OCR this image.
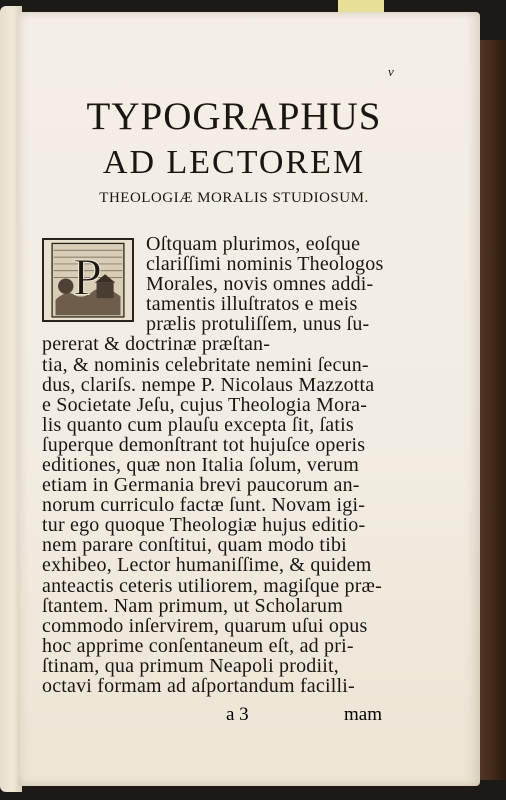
v
TYPOGRAPHUS
AD LECTOREM
THEOLOGIÆ MORALIS STUDIOSUM.
P
Oſtquam plurimos, eoſque
clariſſimi nominis Theologos
Morales, novis omnes addi-
tamentis illuſtratos e meis
prælis protuliſſem, unus ſu-
pererat & doctrinæ præſtan-
tia, & nominis celebritate nemini ſecun-
dus, clariſs. nempe P. Nicolaus Mazzotta
e Societate Jeſu, cujus Theologia Mora-
lis quanto cum plauſu excepta ſit, ſatis
ſuperque demonſtrant tot hujuſce operis
editiones, quæ non Italia ſolum, verum
etiam in Germania brevi paucorum an-
norum curriculo factæ ſunt. Novam igi-
tur ego quoque Theologiæ hujus editio-
nem parare conſtitui, quam modo tibi
exhibeo, Lector humaniſſime, & quidem
anteactis ceteris utiliorem, magiſque præ-
ſtantem. Nam primum, ut Scholarum
commodo inſervirem, quarum uſui opus
hoc apprime conſentaneum eſt, ad pri-
ſtinam, qua primum Neapoli prodiit,
octavi formam ad aſportandum facilli-
a 3	mam
